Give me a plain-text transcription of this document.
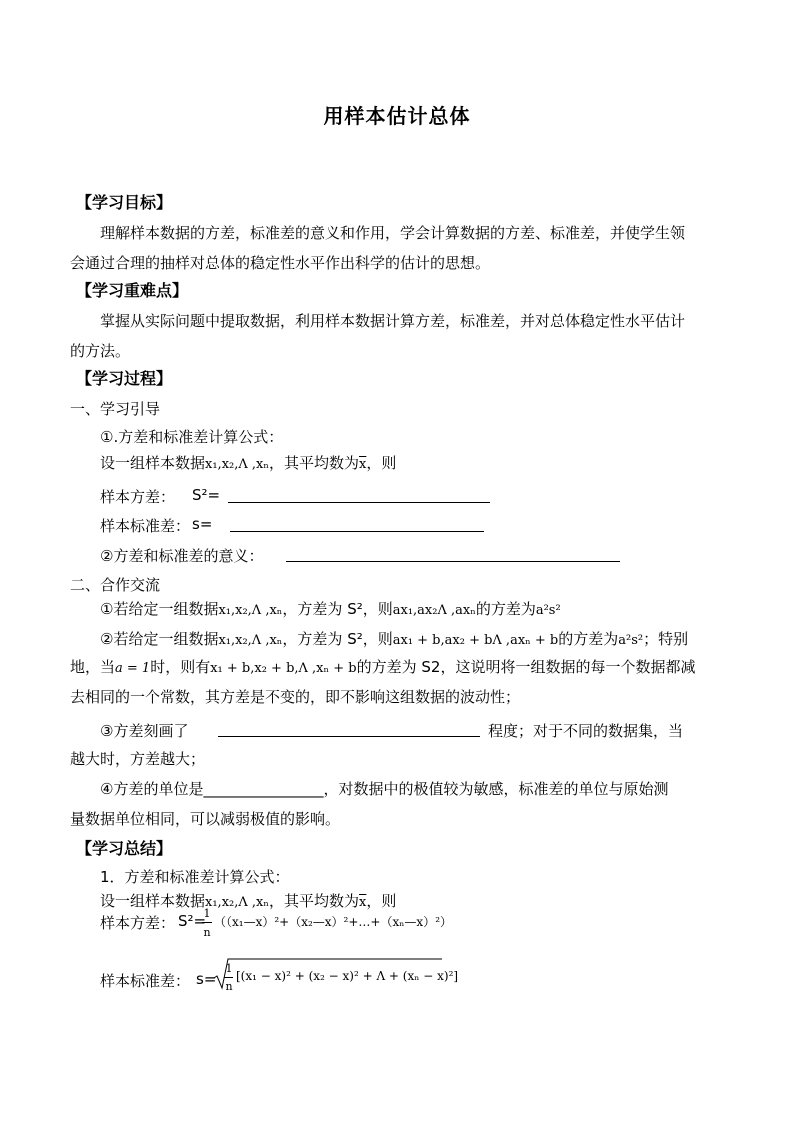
用样本估计总体
【学习目标】
理解样本数据的方差，标准差的意义和作用，学会计算数据的方差、标准差，并使学生领
会通过合理的抽样对总体的稳定性水平作出科学的估计的思想。
【学习重难点】
掌握从实际问题中提取数据，利用样本数据计算方差，标准差，并对总体稳定性水平估计
的方法。
【学习过程】
一、学习引导
①.方差和标准差计算公式：
设一组样本数据x₁,x₂,Λ ,xₙ，其平均数为$\overline{x}$，则
样本方差： S²=
样本标准差： s=
②方差和标准差的意义：
二、合作交流
①若给定一组数据x₁,x₂,Λ ,xₙ，方差为 S²，则ax₁,ax₂Λ ,axₙ的方差为a²s²
②若给定一组数据x₁,x₂,Λ ,xₙ，方差为 S²，则ax₁ + b,ax₂ + bΛ ,axₙ + b的方差为a²s²；特别
地，当a = 1时，则有x₁ + b,x₂ + b,Λ ,xₙ + b的方差为 S2，这说明将一组数据的每一个数据都减
去相同的一个常数，其方差是不变的，即不影响这组数据的波动性；
③方差刻画了	程度；对于不同的数据集，当
越大时，方差越大；
④方差的单位是________________，对数据中的极值较为敏感，标准差的单位与原始测
量数据单位相同，可以减弱极值的影响。
【学习总结】
1．方差和标准差计算公式：
设一组样本数据x₁,x₂,Λ ,xₙ，其平均数为$\overline{x}$，则
样本方差： S²=
1
n
（（x₁—x）²+（x₂—x）²+…+（xₙ—x）²）
样本标准差： s=
1
n
[(x₁ − x)² + (x₂ − x)² + Λ + (xₙ − x)²]
